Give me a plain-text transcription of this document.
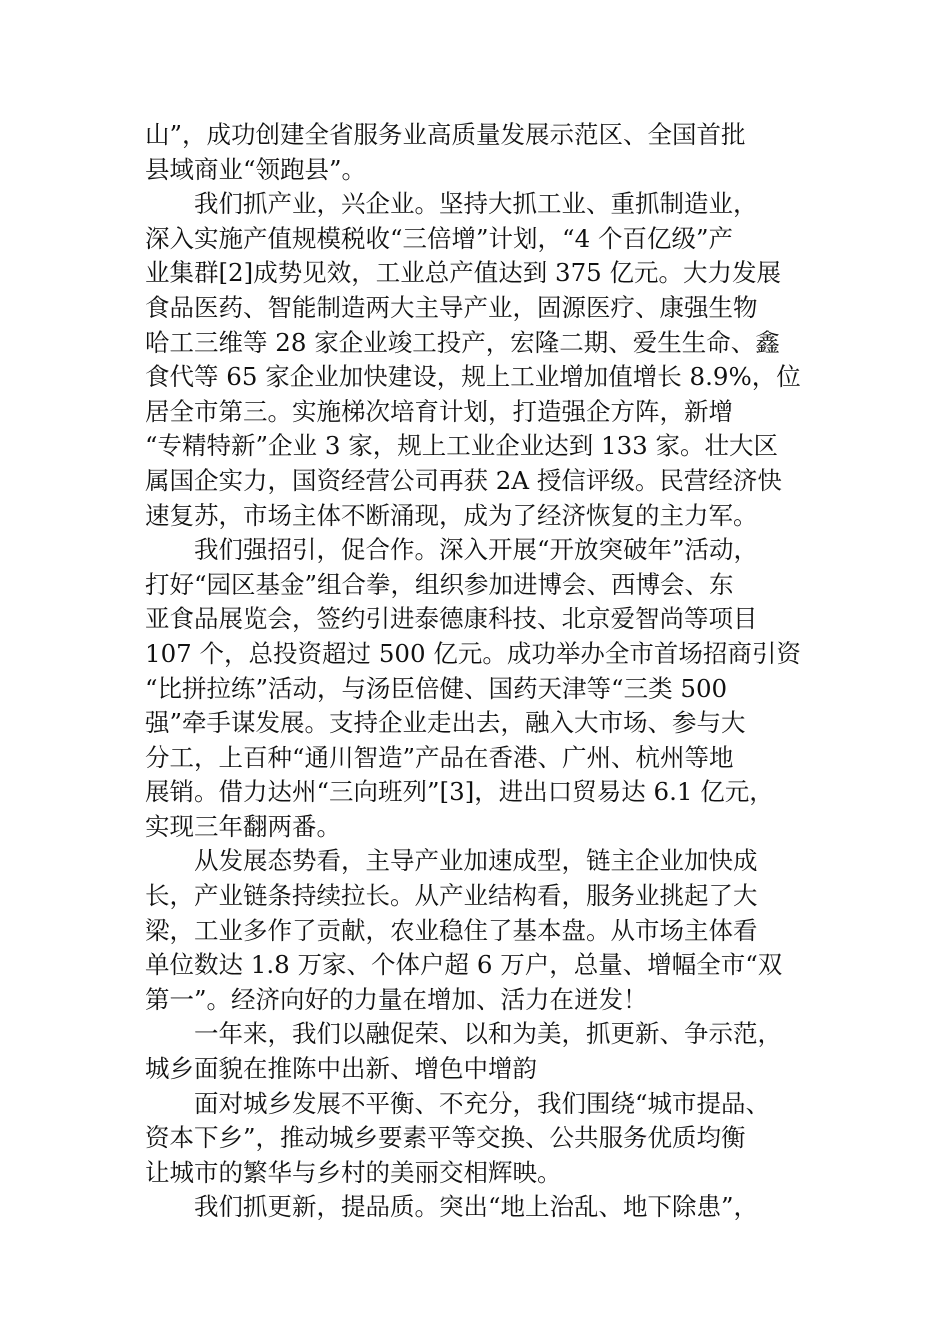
山”，成功创建全省服务业高质量发展示范区、全国首批
县域商业“领跑县”。
我们抓产业，兴企业。坚持大抓工业、重抓制造业，
深入实施产值规模税收“三倍增”计划，“4 个百亿级”产
业集群[2]成势见效，工业总产值达到 375 亿元。大力发展
食品医药、智能制造两大主导产业，固源医疗、康强生物
哈工三维等 28 家企业竣工投产，宏隆二期、爱生生命、鑫
食代等 65 家企业加快建设，规上工业增加值增长 8.9%，位
居全市第三。实施梯次培育计划，打造强企方阵，新增
“专精特新”企业 3 家，规上工业企业达到 133 家。壮大区
属国企实力，国资经营公司再获 2A 授信评级。民营经济快
速复苏，市场主体不断涌现，成为了经济恢复的主力军。
我们强招引，促合作。深入开展“开放突破年”活动，
打好“园区基金”组合拳，组织参加进博会、西博会、东
亚食品展览会，签约引进泰德康科技、北京爱智尚等项目
107 个，总投资超过 500 亿元。成功举办全市首场招商引资
“比拼拉练”活动，与汤臣倍健、国药天津等“三类 500
强”牵手谋发展。支持企业走出去，融入大市场、参与大
分工，上百种“通川智造”产品在香港、广州、杭州等地
展销。借力达州“三向班列”[3]，进出口贸易达 6.1 亿元，
实现三年翻两番。
从发展态势看，主导产业加速成型，链主企业加快成
长，产业链条持续拉长。从产业结构看，服务业挑起了大
梁，工业多作了贡献，农业稳住了基本盘。从市场主体看
单位数达 1.8 万家、个体户超 6 万户，总量、增幅全市“双
第一”。经济向好的力量在增加、活力在迸发！
一年来，我们以融促荣、以和为美，抓更新、争示范，
城乡面貌在推陈中出新、增色中增韵
面对城乡发展不平衡、不充分，我们围绕“城市提品、
资本下乡”，推动城乡要素平等交换、公共服务优质均衡
让城市的繁华与乡村的美丽交相辉映。
我们抓更新，提品质。突出“地上治乱、地下除患”，
